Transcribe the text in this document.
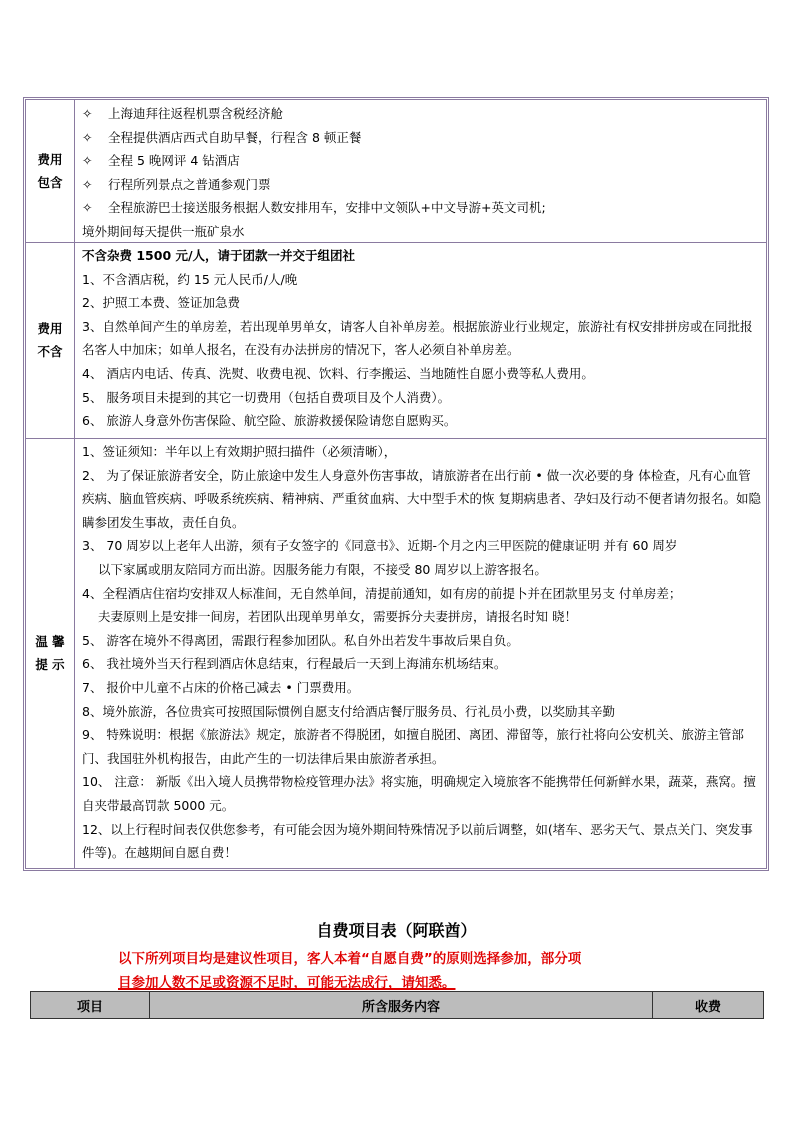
费用
包含

✧ 上海迪拜往返程机票含税经济舱

✧ 全程提供酒店西式自助早餐，行程含 8 顿正餐

✧ 全程 5 晚网评 4 钻酒店

✧ 行程所列景点之普通参观门票

✧ 全程旅游巴士接送服务根据人数安排用车，安排中文领队+中文导游+英文司机;

境外期间每天提供一瓶矿泉水

费用
不含

不含杂费 1500 元/人，请于团款一并交于组团社

1、不含酒店税，约 15 元人民币/人/晚

2、护照工本费、签证加急费

3、自然单间产生的单房差，若出现单男单女，请客人自补单房差。根据旅游业行业规定，旅游社有权安排拼房或在同批报名客人中加床；如单人报名，在没有办法拼房的情况下，客人必须自补单房差。

4、 酒店内电话、传真、洗熨、收费电视、饮料、行李搬运、当地随性自愿小费等私人费用。

5、 服务项目未提到的其它一切费用（包括自费项目及个人消费）。

6、 旅游人身意外伤害保险、航空险、旅游救援保险请您自愿购买。

温 馨
提 示

1、签证须知：半年以上有效期护照扫描件（必须清晰），

2、 为了保证旅游者安全，防止旅途中发生人身意外伤害事故，请旅游者在出行前 • 做一次必要的身 体检查，凡有心血管疾病、脑血管疾病、呼吸系统疾病、精神病、严重贫血病、大中型手术的恢 复期病患者、孕妇及行动不便者请勿报名。如隐瞒参团发生事故，责任自负。

3、 70 周岁以上老年人出游，须有子女签字的《同意书》、近期-个月之内三甲医院的健康证明 并有 60 周岁

以下家属或朋友陪同方而出游。因服务能力有限，不接受 80 周岁以上游客报名。

4、全程酒店住宿均安排双人标准间，无自然单间，清提前通知，如有房的前提卜并在团款里另支 付单房差；

夫妻原则上是安排一间房，若团队出现单男单女，需要拆分夫妻拼房，请报名时知 晓！

5、 游客在境外不得离团，需跟行程参加团队。私自外出若发牛事故后果自负。

6、 我社境外当天行程到酒店休息结束，行程最后一天到上海浦东机场结束。

7、 报价中儿童不占床的价格己减去 • 门票费用。

8、境外旅游，各位贵宾可按照国际惯例自愿支付给酒店餐厅服务员、行礼员小费，以奖励其辛勤

9、 特殊说明：根据《旅游法》规定，旅游者不得脱团，如擅自脱团、离团、滞留等，旅行社将向公安机关、旅游主管部门、我国驻外机构报告，由此产生的一切法律后果由旅游者承担。

10、 注意： 新版《出入境人员携带物检疫管理办法》将实施，明确规定入境旅客不能携带任何新鲜水果，蔬菜，燕窝。擅自夹带最高罚款 5000 元。

12、以上行程时间表仅供您参考，有可能会因为境外期间特殊情况予以前后调整，如(堵车、恶劣天气、景点关门、突发事件等)。在越期间自愿自费！

自费项目表（阿联酋）
以下所列项目均是建议性项目，客人本着“自愿自费”的原则选择参加，部分项
目参加人数不足或资源不足时，可能无法成行，请知悉。
项目	所含服务内容	收费
